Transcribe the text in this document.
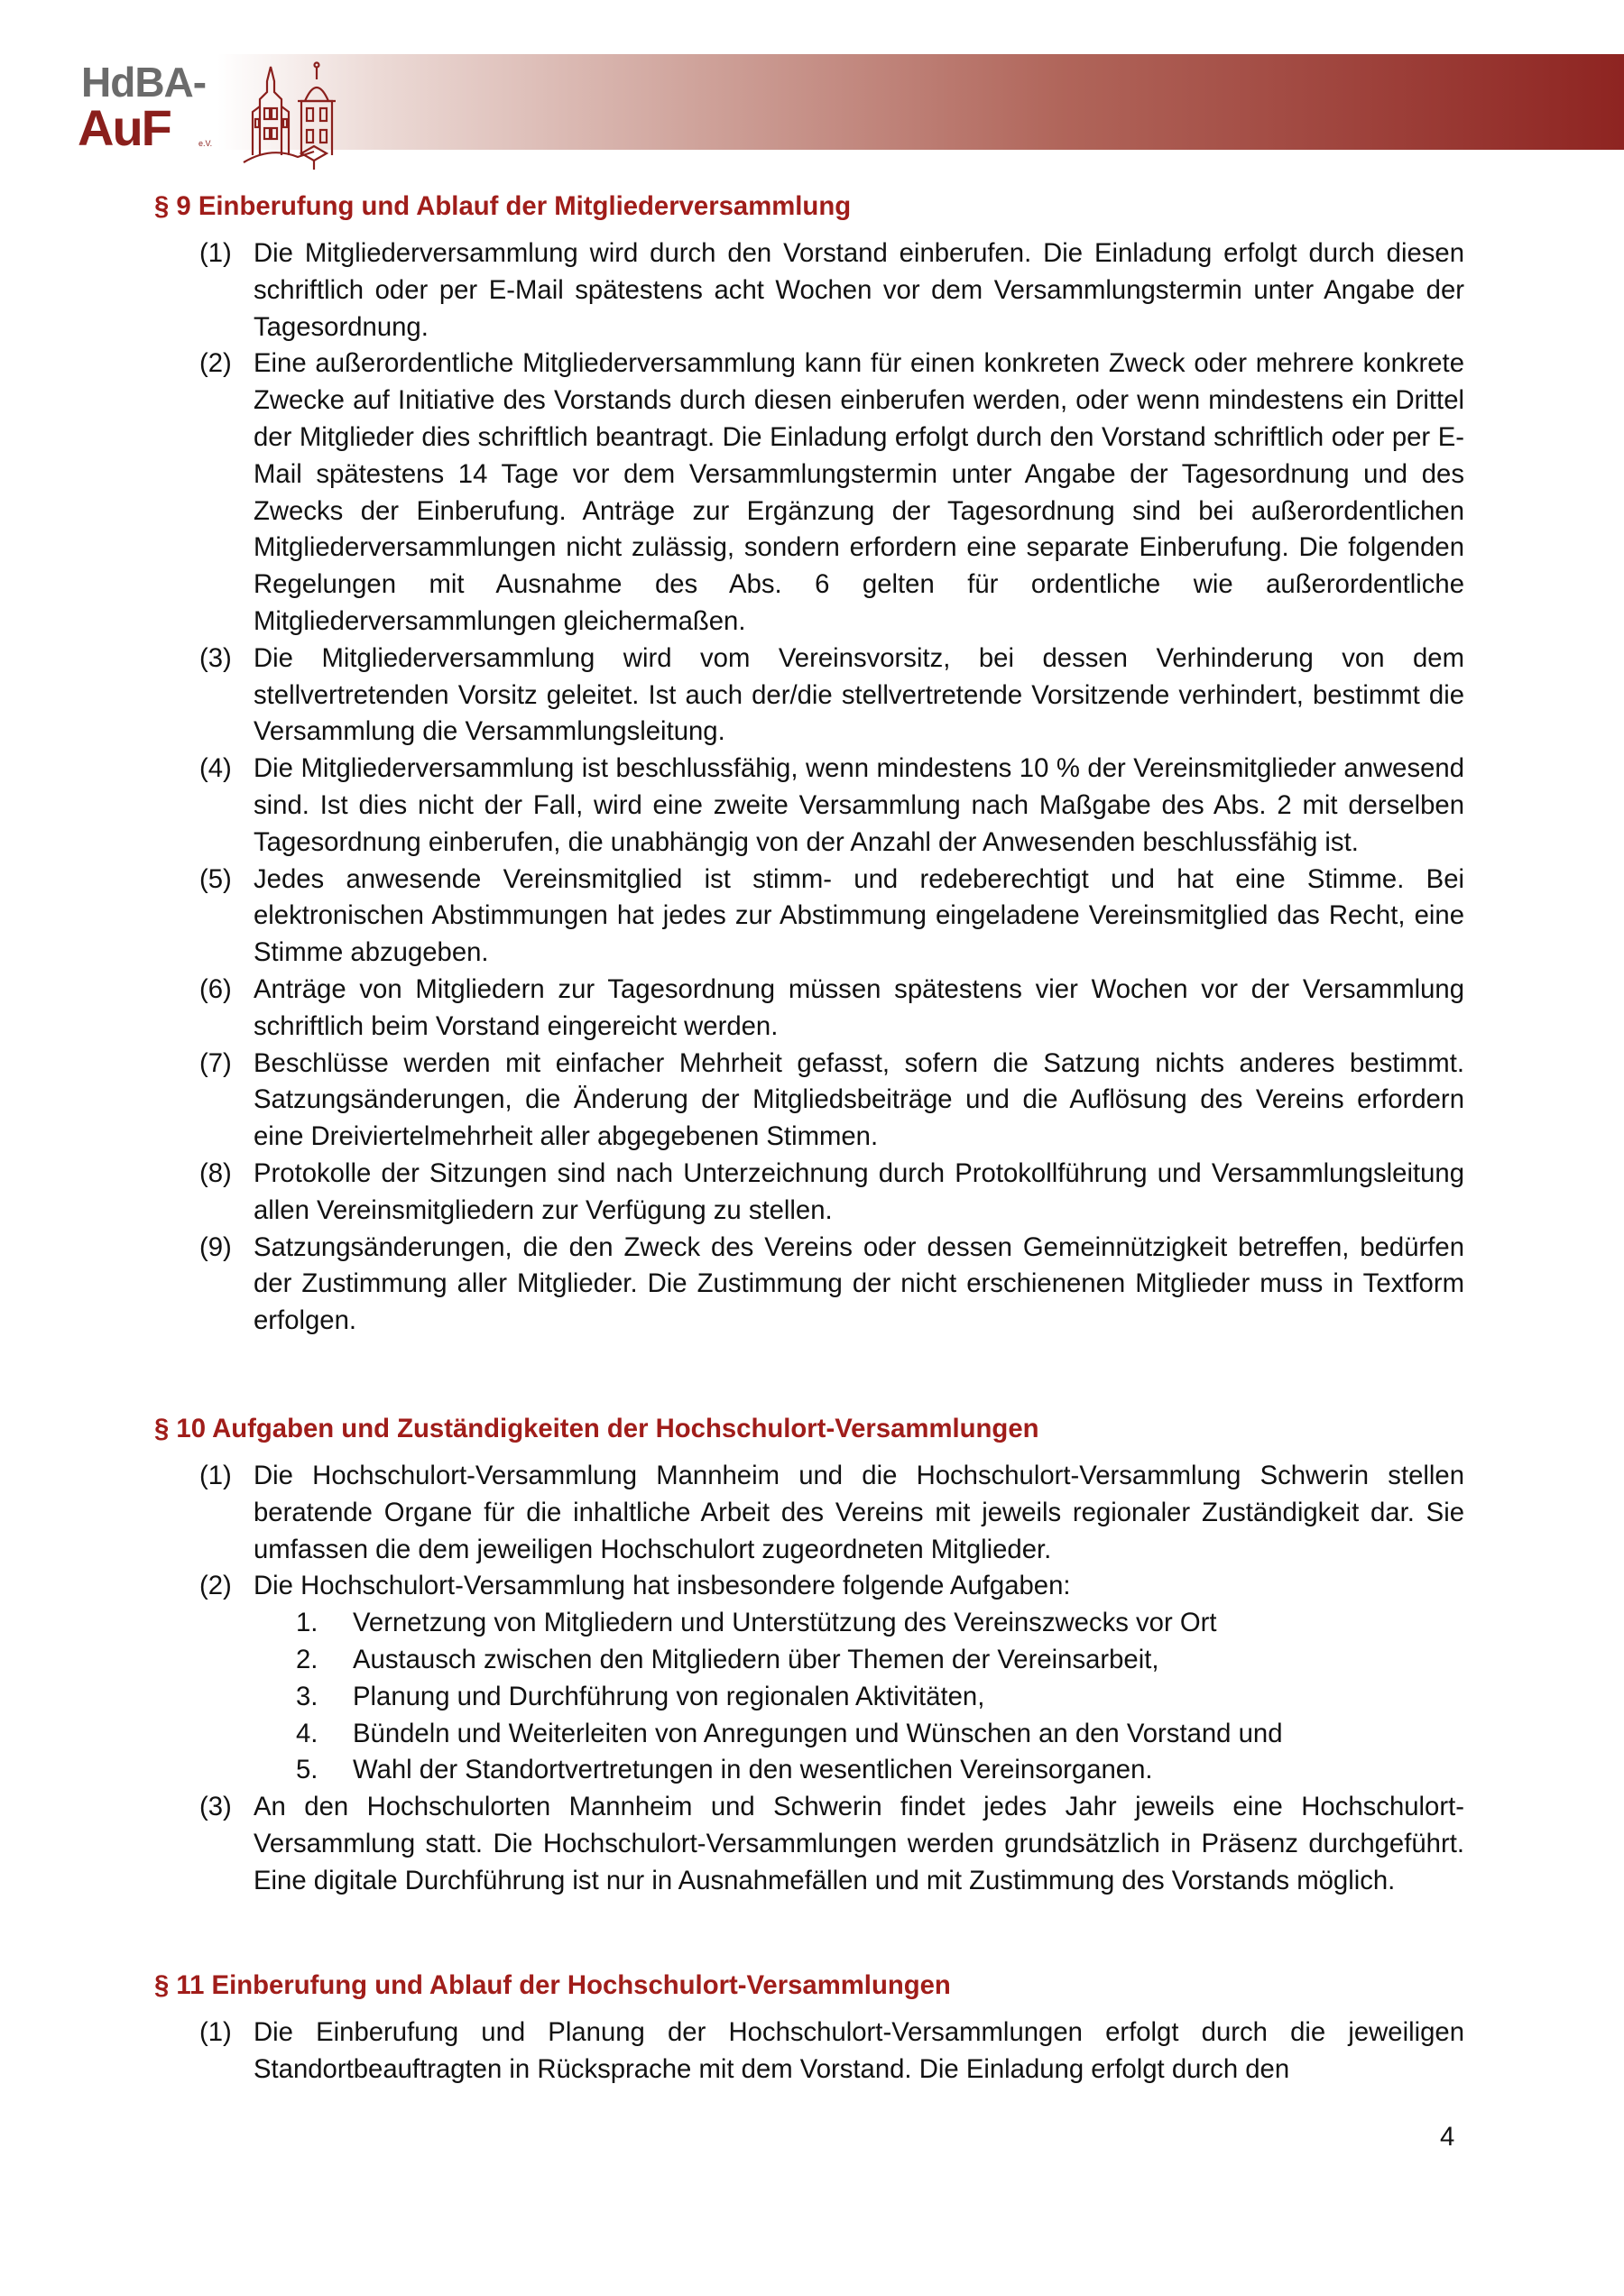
HdBA-
AuF	e.V.
§ 9 Einberufung und Ablauf der Mitgliederversammlung
(1) Die Mitgliederversammlung wird durch den Vorstand einberufen. Die Einladung erfolgt durch diesen schriftlich oder per E-Mail spätestens acht Wochen vor dem Versammlungstermin unter Angabe der Tagesordnung.
(2) Eine außerordentliche Mitgliederversammlung kann für einen konkreten Zweck oder mehrere konkrete Zwecke auf Initiative des Vorstands durch diesen einberufen werden, oder wenn mindestens ein Drittel der Mitglieder dies schriftlich beantragt. Die Einladung erfolgt durch den Vorstand schriftlich oder per E-Mail spätestens 14 Tage vor dem Versammlungstermin unter Angabe der Tagesordnung und des Zwecks der Einberufung. Anträge zur Ergänzung der Tagesordnung sind bei außerordentlichen Mitgliederversammlungen nicht zulässig, sondern erfordern eine separate Einberufung. Die folgenden Regelungen mit Ausnahme des Abs. 6 gelten für ordentliche wie außerordentliche Mitgliederversammlungen gleichermaßen.
(3) Die Mitgliederversammlung wird vom Vereinsvorsitz, bei dessen Verhinderung von dem stellvertretenden Vorsitz geleitet. Ist auch der/die stellvertretende Vorsitzende verhindert, bestimmt die Versammlung die Versammlungsleitung.
(4) Die Mitgliederversammlung ist beschlussfähig, wenn mindestens 10 % der Vereinsmitglieder anwesend sind. Ist dies nicht der Fall, wird eine zweite Versammlung nach Maßgabe des Abs. 2 mit derselben Tagesordnung einberufen, die unabhängig von der Anzahl der Anwesenden beschlussfähig ist.
(5) Jedes anwesende Vereinsmitglied ist stimm- und redeberechtigt und hat eine Stimme. Bei elektronischen Abstimmungen hat jedes zur Abstimmung eingeladene Vereinsmitglied das Recht, eine Stimme abzugeben.
(6) Anträge von Mitgliedern zur Tagesordnung müssen spätestens vier Wochen vor der Versammlung schriftlich beim Vorstand eingereicht werden.
(7) Beschlüsse werden mit einfacher Mehrheit gefasst, sofern die Satzung nichts anderes bestimmt. Satzungsänderungen, die Änderung der Mitgliedsbeiträge und die Auflösung des Vereins erfordern eine Dreiviertelmehrheit aller abgegebenen Stimmen.
(8) Protokolle der Sitzungen sind nach Unterzeichnung durch Protokollführung und Versammlungsleitung allen Vereinsmitgliedern zur Verfügung zu stellen.
(9) Satzungsänderungen, die den Zweck des Vereins oder dessen Gemeinnützigkeit betreffen, bedürfen der Zustimmung aller Mitglieder. Die Zustimmung der nicht erschienenen Mitglieder muss in Textform erfolgen.
§ 10 Aufgaben und Zuständigkeiten der Hochschulort-Versammlungen
(1) Die Hochschulort-Versammlung Mannheim und die Hochschulort-Versammlung Schwerin stellen beratende Organe für die inhaltliche Arbeit des Vereins mit jeweils regionaler Zuständigkeit dar. Sie umfassen die dem jeweiligen Hochschulort zugeordneten Mitglieder.
(2) Die Hochschulort-Versammlung hat insbesondere folgende Aufgaben:
1. Vernetzung von Mitgliedern und Unterstützung des Vereinszwecks vor Ort
2. Austausch zwischen den Mitgliedern über Themen der Vereinsarbeit,
3. Planung und Durchführung von regionalen Aktivitäten,
4. Bündeln und Weiterleiten von Anregungen und Wünschen an den Vorstand und
5. Wahl der Standortvertretungen in den wesentlichen Vereinsorganen.
(3) An den Hochschulorten Mannheim und Schwerin findet jedes Jahr jeweils eine Hochschulort-Versammlung statt. Die Hochschulort-Versammlungen werden grundsätzlich in Präsenz durchgeführt. Eine digitale Durchführung ist nur in Ausnahmefällen und mit Zustimmung des Vorstands möglich.
§ 11 Einberufung und Ablauf der Hochschulort-Versammlungen
(1) Die Einberufung und Planung der Hochschulort-Versammlungen erfolgt durch die jeweiligen Standortbeauftragten in Rücksprache mit dem Vorstand. Die Einladung erfolgt durch den
4
